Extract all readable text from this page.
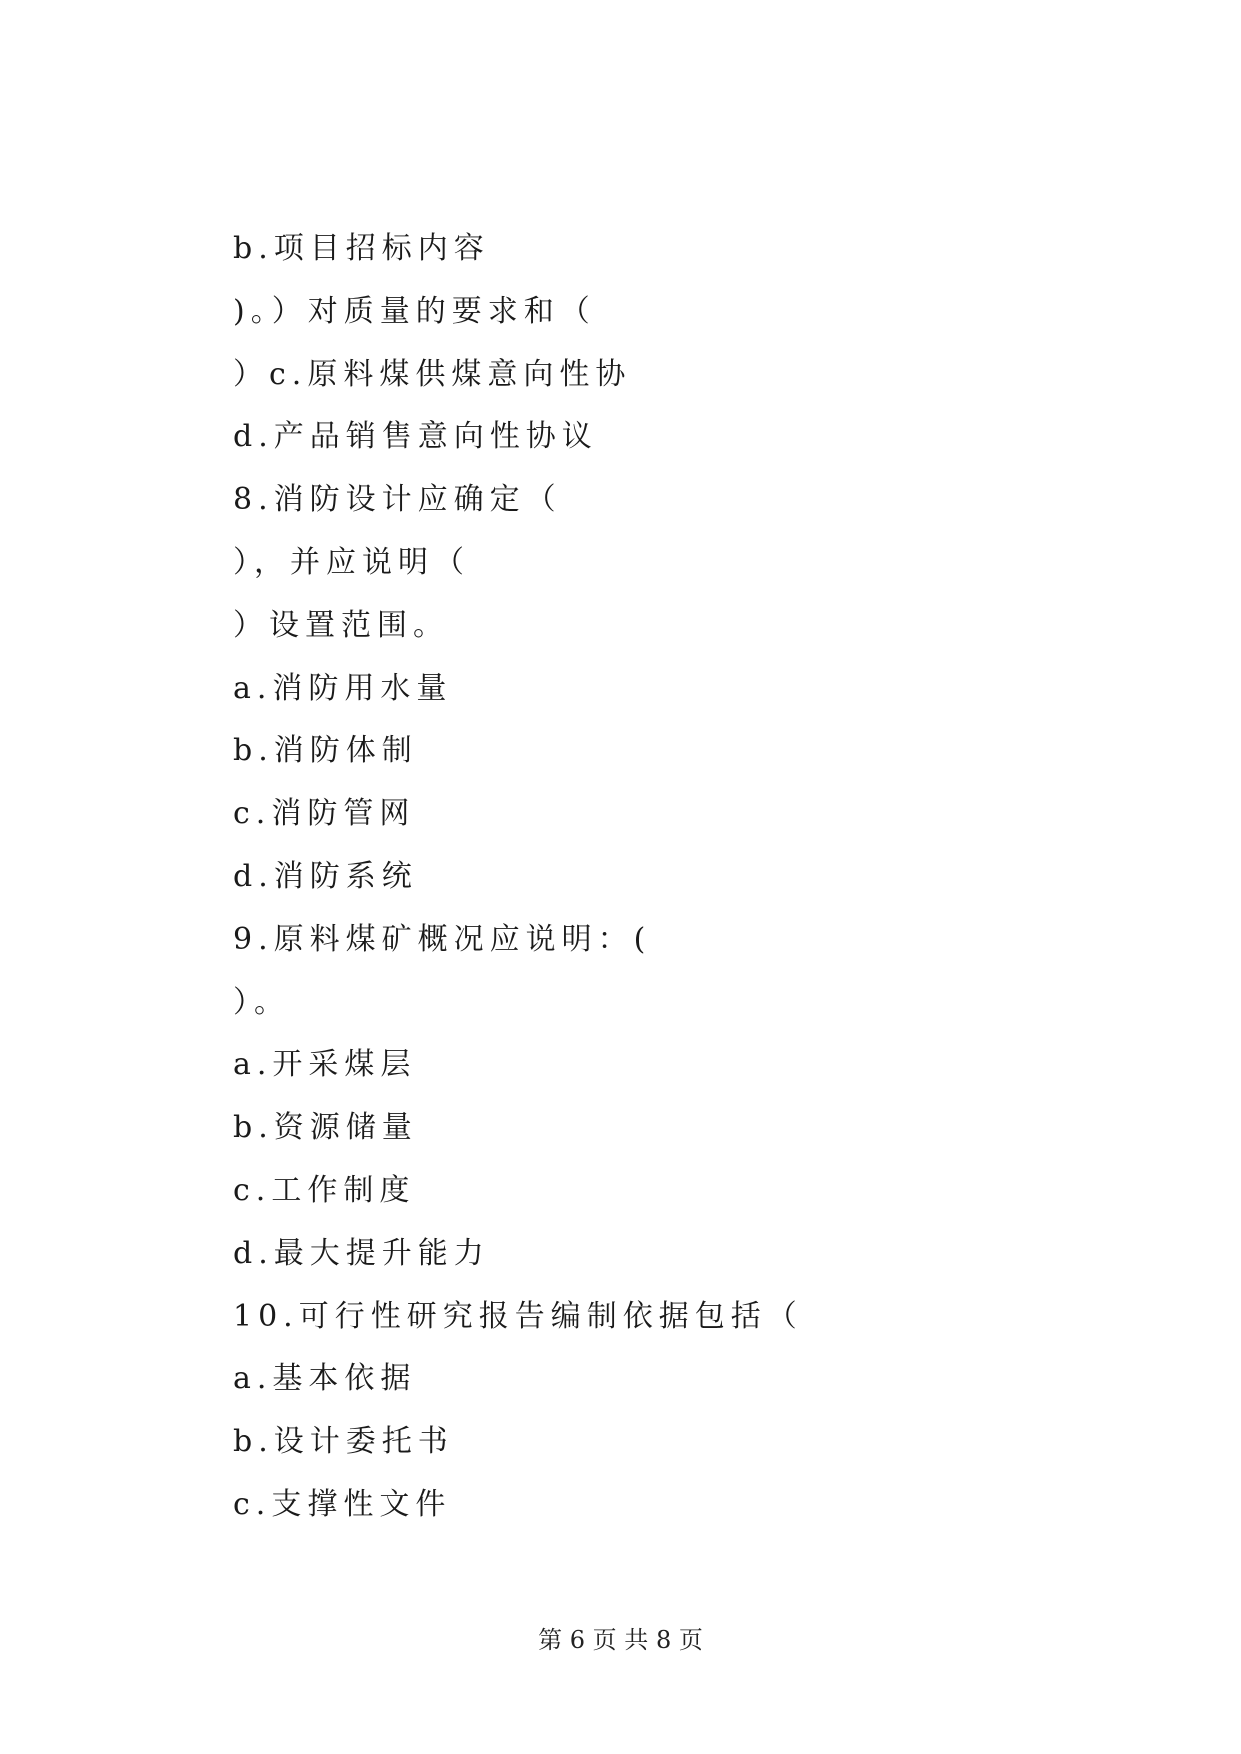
b.项目招标内容
)。）对质量的要求和（
）c.原料煤供煤意向性协
d.产品销售意向性协议
8.消防设计应确定（
），并应说明（
）设置范围。
a.消防用水量
b.消防体制
c.消防管网
d.消防系统
9.原料煤矿概况应说明：(
）。
a.开采煤层
b.资源储量
c.工作制度
d.最大提升能力
10.可行性研究报告编制依据包括（
a.基本依据
b.设计委托书
c.支撑性文件
第 6 页 共 8 页
